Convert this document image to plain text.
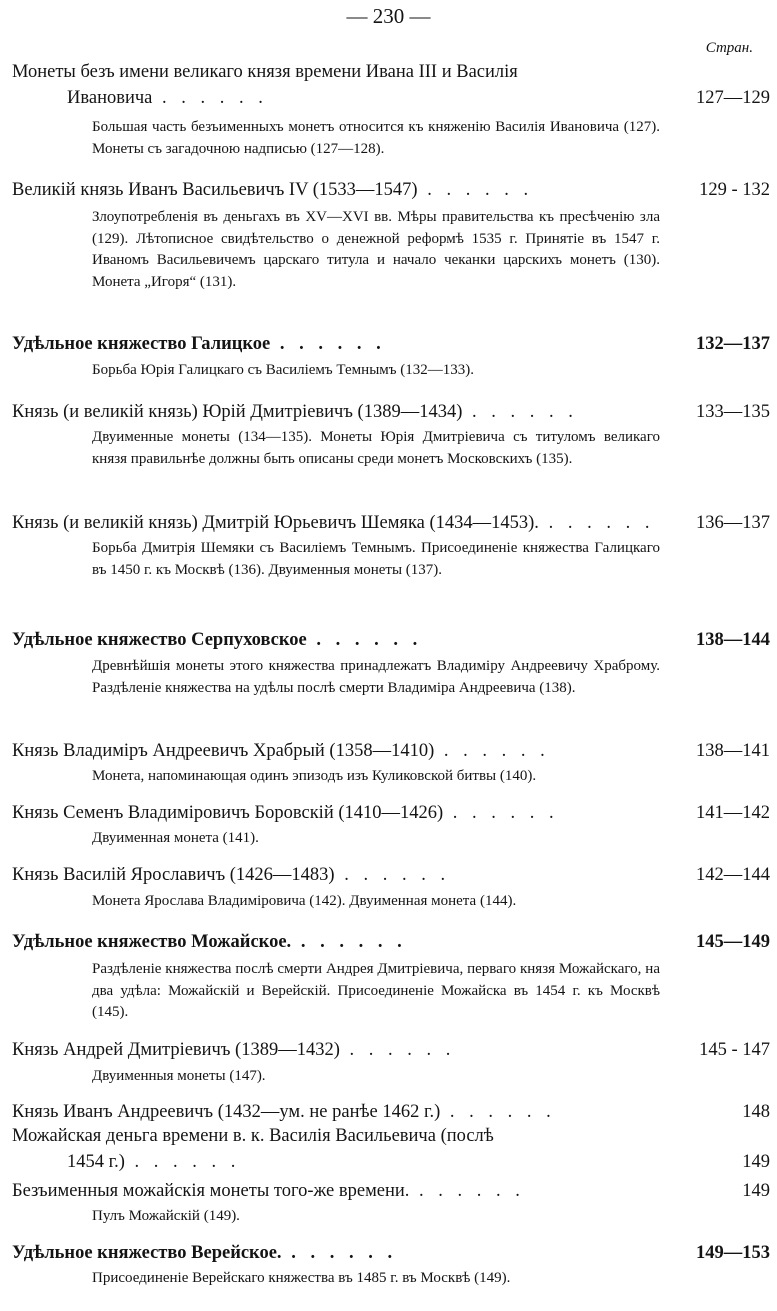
— 230 —
Стран.
Монеты безъ имени великаго князя времени Ивана III и Василія
Ивановича . . . . . .	127—129
Большая часть безъименныхъ монетъ относится къ княженію Василія Ивановича (127). Монеты съ загадочною надписью (127—128).
Великій князь Иванъ Васильевичъ IV (1533—1547) . . . . . .	129 - 132
Злоупотребленія въ деньгахъ въ XV—XVI вв. Мѣры правительства къ пресѣченію зла (129). Лѣтописное свидѣтельство о денежной реформѣ 1535 г. Принятіе въ 1547 г. Иваномъ Васильевичемъ царскаго титула и начало чеканки царскихъ монетъ (130). Монета „Игоря“ (131).
Удѣльное княжество Галицкое . . . . . .	132—137
Борьба Юрія Галицкаго съ Василіемъ Темнымъ (132—133).
Князь (и великій князь) Юрій Дмитріевичъ (1389—1434) . . . . . .	133—135
Двуименные монеты (134—135). Монеты Юрія Дмитріевича съ титуломъ великаго князя правильнѣе должны быть описаны среди монетъ Московскихъ (135).
Князь (и великій князь) Дмитрій Юрьевичъ Шемяка (1434—1453). . . . . . .	136—137
Борьба Дмитрія Шемяки съ Василіемъ Темнымъ. Присоединеніе княжества Галицкаго въ 1450 г. къ Москвѣ (136). Двуименныя монеты (137).
Удѣльное княжество Серпуховское . . . . . .	138—144
Древнѣйшія монеты этого княжества принадлежатъ Владиміру Андреевичу Храброму. Раздѣленіе княжества на удѣлы послѣ смерти Владиміра Андреевича (138).
Князь Владиміръ Андреевичъ Храбрый (1358—1410) . . . . . .	138—141
Монета, напоминающая одинъ эпизодъ изъ Куликовской битвы (140).
Князь Семенъ Владиміровичъ Боровскій (1410—1426) . . . . . .	141—142
Двуименная монета (141).
Князь Василій Ярославичъ (1426—1483) . . . . . .	142—144
Монета Ярослава Владиміровича (142). Двуименная монета (144).
Удѣльное княжество Можайское. . . . . . .	145—149
Раздѣленіе княжества послѣ смерти Андрея Дмитріевича, перваго князя Можайскаго, на два удѣла: Можайскій и Верейскій. Присоединеніе Можайска въ 1454 г. къ Москвѣ (145).
Князь Андрей Дмитріевичъ (1389—1432) . . . . . .	145 - 147
Двуименныя монеты (147).
Князь Иванъ Андреевичъ (1432—ум. не ранѣе 1462 г.) . . . . . .	148
Можайская деньга времени в. к. Василія Васильевича (послѣ
1454 г.) . . . . . .	149
Безъименныя можайскія монеты того-же времени. . . . . . .	149
Пулъ Можайскій (149).
Удѣльное княжество Верейское. . . . . . .	149—153
Присоединеніе Верейскаго княжества въ 1485 г. въ Москвѣ (149).
